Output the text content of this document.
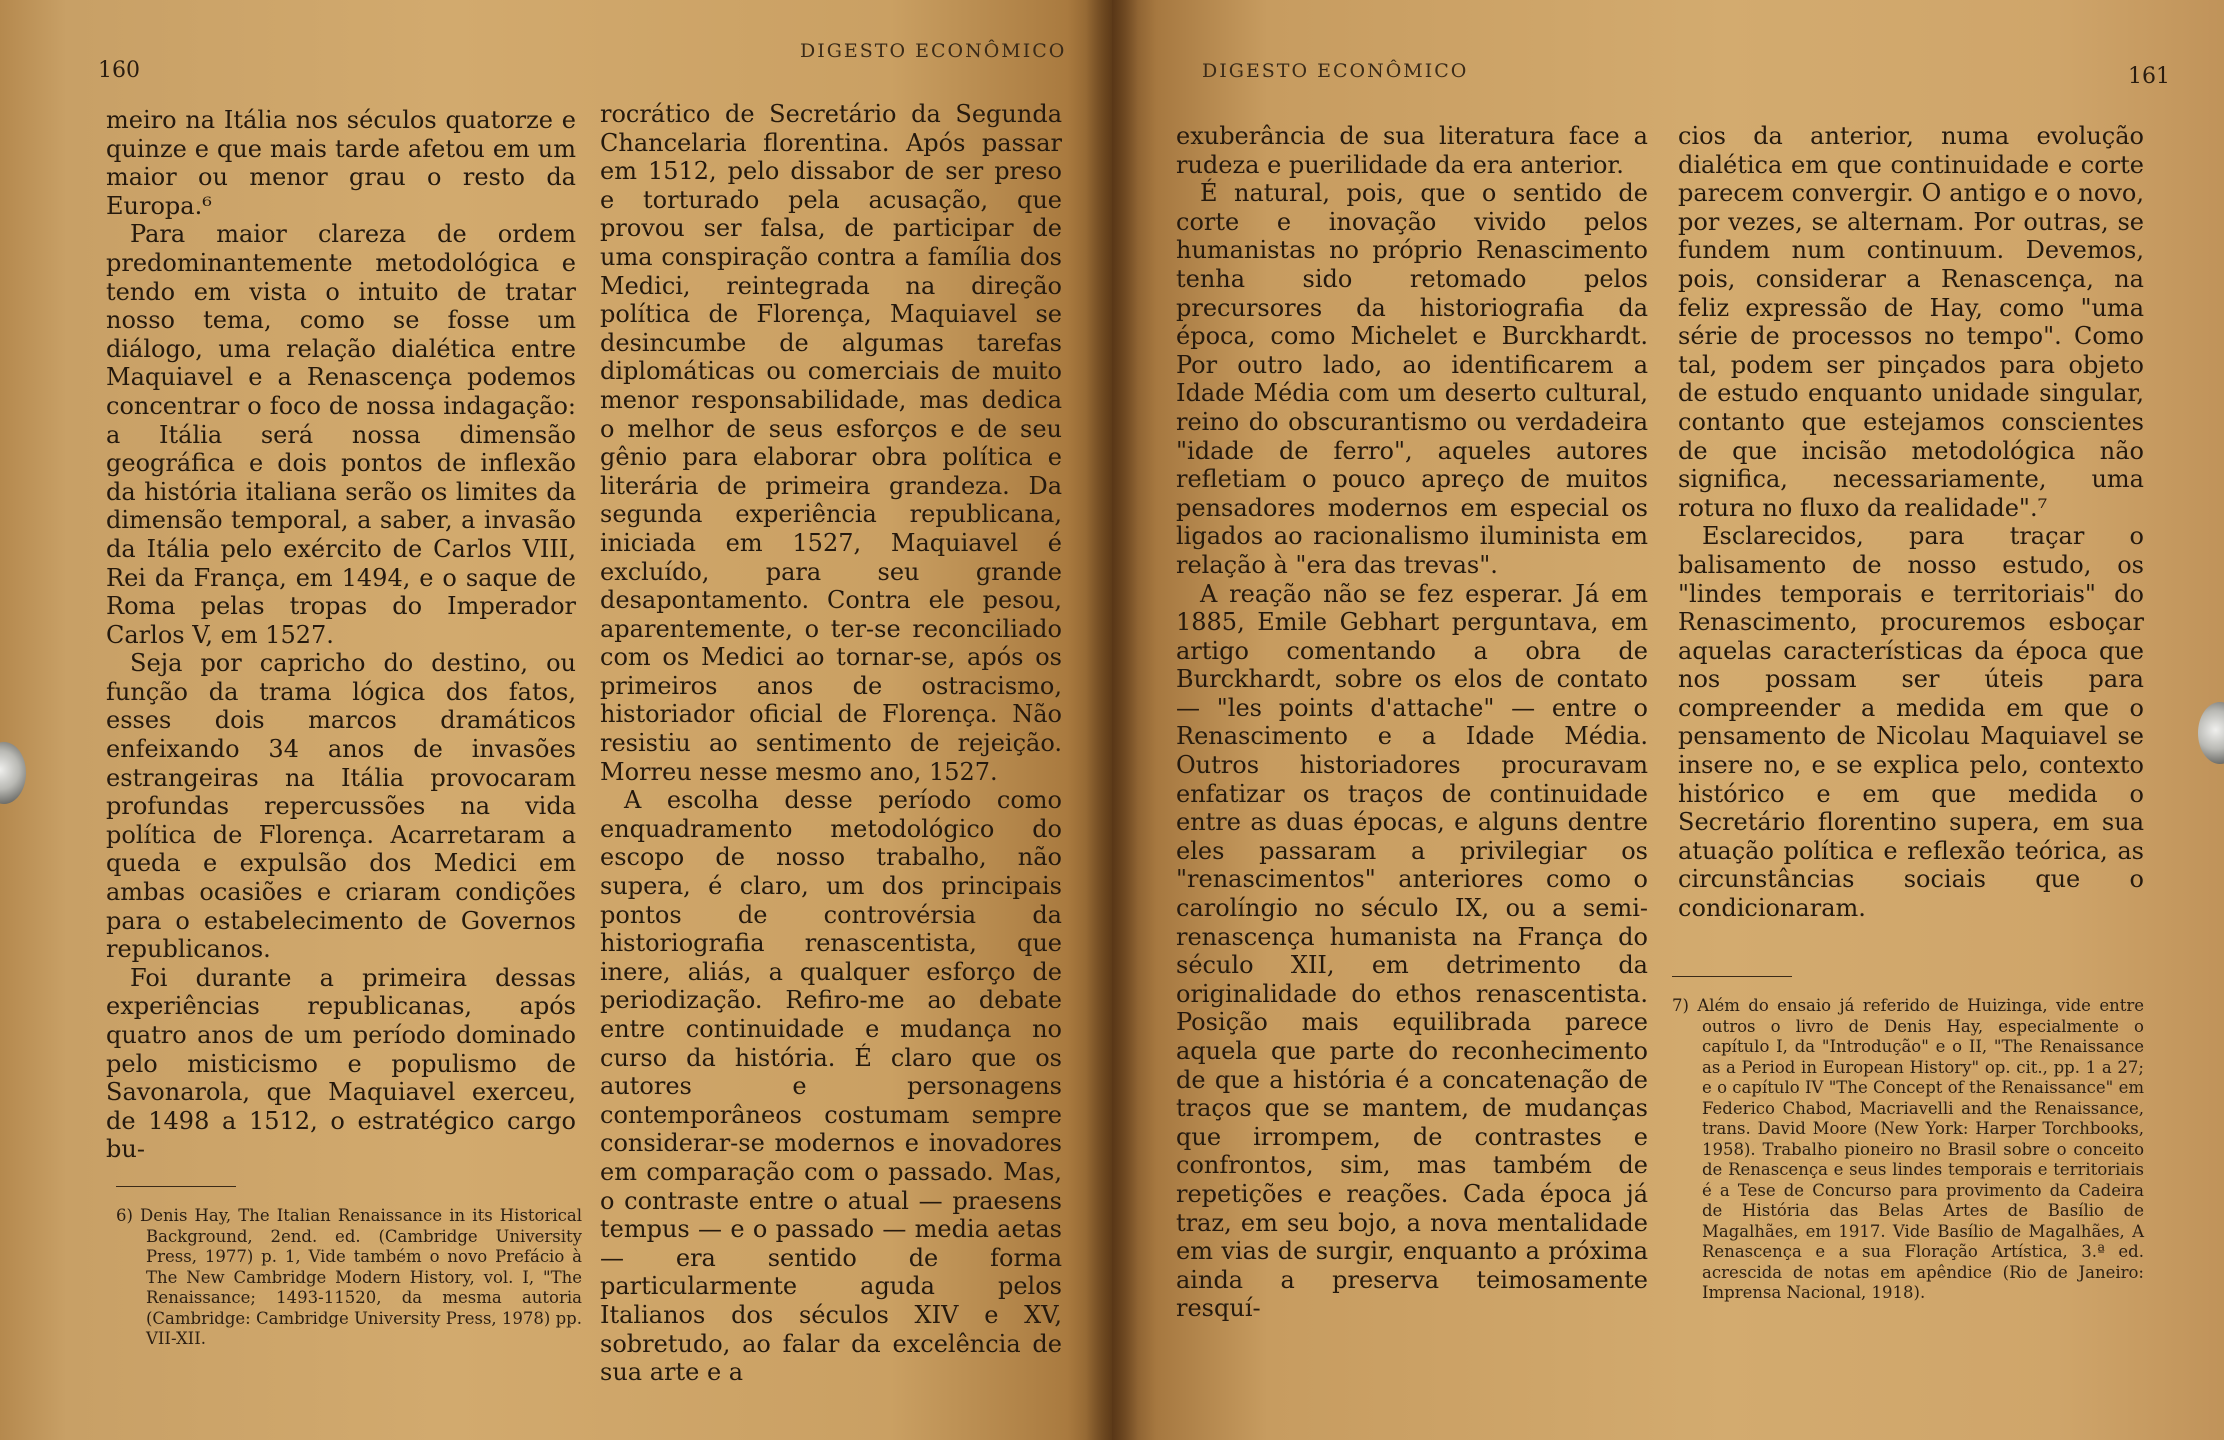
160
DIGESTO ECONÔMICO

meiro na Itália nos séculos quatorze e quinze e que mais tarde afetou em um maior ou menor grau o resto da Europa.⁶

Para maior clareza de ordem predominantemente metodológica e tendo em vista o intuito de tratar nosso tema, como se fosse um diálogo, uma relação dialética entre Maquiavel e a Renascença podemos concentrar o foco de nossa indagação: a Itália será nossa dimensão geográfica e dois pontos de inflexão da história italiana serão os limites da dimensão temporal, a saber, a invasão da Itália pelo exército de Carlos VIII, Rei da França, em 1494, e o saque de Roma pelas tropas do Imperador Carlos V, em 1527.

Seja por capricho do destino, ou função da trama lógica dos fatos, esses dois marcos dramáticos enfeixando 34 anos de invasões estrangeiras na Itália provocaram profundas repercussões na vida política de Florença. Acarretaram a queda e expulsão dos Medici em ambas ocasiões e criaram condições para o estabelecimento de Governos republicanos.

Foi durante a primeira dessas experiências republicanas, após quatro anos de um período dominado pelo misticismo e populismo de Savonarola, que Maquiavel exerceu, de 1498 a 1512, o estratégico cargo bu-

rocrático de Secretário da Segunda Chancelaria florentina. Após passar em 1512, pelo dissabor de ser preso e torturado pela acusação, que provou ser falsa, de participar de uma conspiração contra a família dos Medici, reintegrada na direção política de Florença, Maquiavel se desincumbe de algumas tarefas diplomáticas ou comerciais de muito menor responsabilidade, mas dedica o melhor de seus esforços e de seu gênio para elaborar obra política e literária de primeira grandeza. Da segunda experiência republicana, iniciada em 1527, Maquiavel é excluído, para seu grande desapontamento. Contra ele pesou, aparentemente, o ter-se reconciliado com os Medici ao tornar-se, após os primeiros anos de ostracismo, historiador oficial de Florença. Não resistiu ao sentimento de rejeição. Morreu nesse mesmo ano, 1527.

A escolha desse período como enquadramento metodológico do escopo de nosso trabalho, não supera, é claro, um dos principais pontos de controvérsia da historiografia renascentista, que inere, aliás, a qualquer esforço de periodização. Refiro-me ao debate entre continuidade e mudança no curso da história. É claro que os autores e personagens contemporâneos costumam sempre considerar-se modernos e inovadores em comparação com o passado. Mas, o contraste entre o atual — praesens tempus — e o passado — media aetas — era sentido de forma particularmente aguda pelos Italianos dos séculos XIV e XV, sobretudo, ao falar da excelência de sua arte e a

6) Denis Hay, The Italian Renaissance in its Historical Background, 2end. ed. (Cambridge University Press, 1977) p. 1, Vide também o novo Prefácio à The New Cambridge Modern History, vol. I, "The Renaissance; 1493-11520, da mesma autoria (Cambridge: Cambridge University Press, 1978) pp. VII-XII.

DIGESTO ECONÔMICO	161

exuberância de sua literatura face a rudeza e puerilidade da era anterior.

É natural, pois, que o sentido de corte e inovação vivido pelos humanistas no próprio Renascimento tenha sido retomado pelos precursores da historiografia da época, como Michelet e Burckhardt. Por outro lado, ao identificarem a Idade Média com um deserto cultural, reino do obscurantismo ou verdadeira "idade de ferro", aqueles autores refletiam o pouco apreço de muitos pensadores modernos em especial os ligados ao racionalismo iluminista em relação à "era das trevas".

A reação não se fez esperar. Já em 1885, Emile Gebhart perguntava, em artigo comentando a obra de Burckhardt, sobre os elos de contato — "les points d'attache" — entre o Renascimento e a Idade Média. Outros historiadores procuravam enfatizar os traços de continuidade entre as duas épocas, e alguns dentre eles passaram a privilegiar os "renascimentos" anteriores como o carolíngio no século IX, ou a semi-renascença humanista na França do século XII, em detrimento da originalidade do ethos renascentista. Posição mais equilibrada parece aquela que parte do reconhecimento de que a história é a concatenação de traços que se mantem, de mudanças que irrompem, de contrastes e confrontos, sim, mas também de repetições e reações. Cada época já traz, em seu bojo, a nova mentalidade em vias de surgir, enquanto a próxima ainda a preserva teimosamente resquí-

cios da anterior, numa evolução dialética em que continuidade e corte parecem convergir. O antigo e o novo, por vezes, se alternam. Por outras, se fundem num continuum. Devemos, pois, considerar a Renascença, na feliz expressão de Hay, como "uma série de processos no tempo". Como tal, podem ser pinçados para objeto de estudo enquanto unidade singular, contanto que estejamos conscientes de que incisão metodológica não significa, necessariamente, uma rotura no fluxo da realidade".⁷

Esclarecidos, para traçar o balisamento de nosso estudo, os "lindes temporais e territoriais" do Renascimento, procuremos esboçar aquelas características da época que nos possam ser úteis para compreender a medida em que o pensamento de Nicolau Maquiavel se insere no, e se explica pelo, contexto histórico e em que medida o Secretário florentino supera, em sua atuação política e reflexão teórica, as circunstâncias sociais que o condicionaram.

7) Além do ensaio já referido de Huizinga, vide entre outros o livro de Denis Hay, especialmente o capítulo I, da "Introdução" e o II, "The Renaissance as a Period in European History" op. cit., pp. 1 a 27; e o capítulo IV "The Concept of the Renaissance" em Federico Chabod, Macriavelli and the Renaissance, trans. David Moore (New York: Harper Torchbooks, 1958). Trabalho pioneiro no Brasil sobre o conceito de Renascença e seus lindes temporais e territoriais é a Tese de Concurso para provimento da Cadeira de História das Belas Artes de Basílio de Magalhães, em 1917. Vide Basílio de Magalhães, A Renascença e a sua Floração Artística, 3.ª ed. acrescida de notas em apêndice (Rio de Janeiro: Imprensa Nacional, 1918).
